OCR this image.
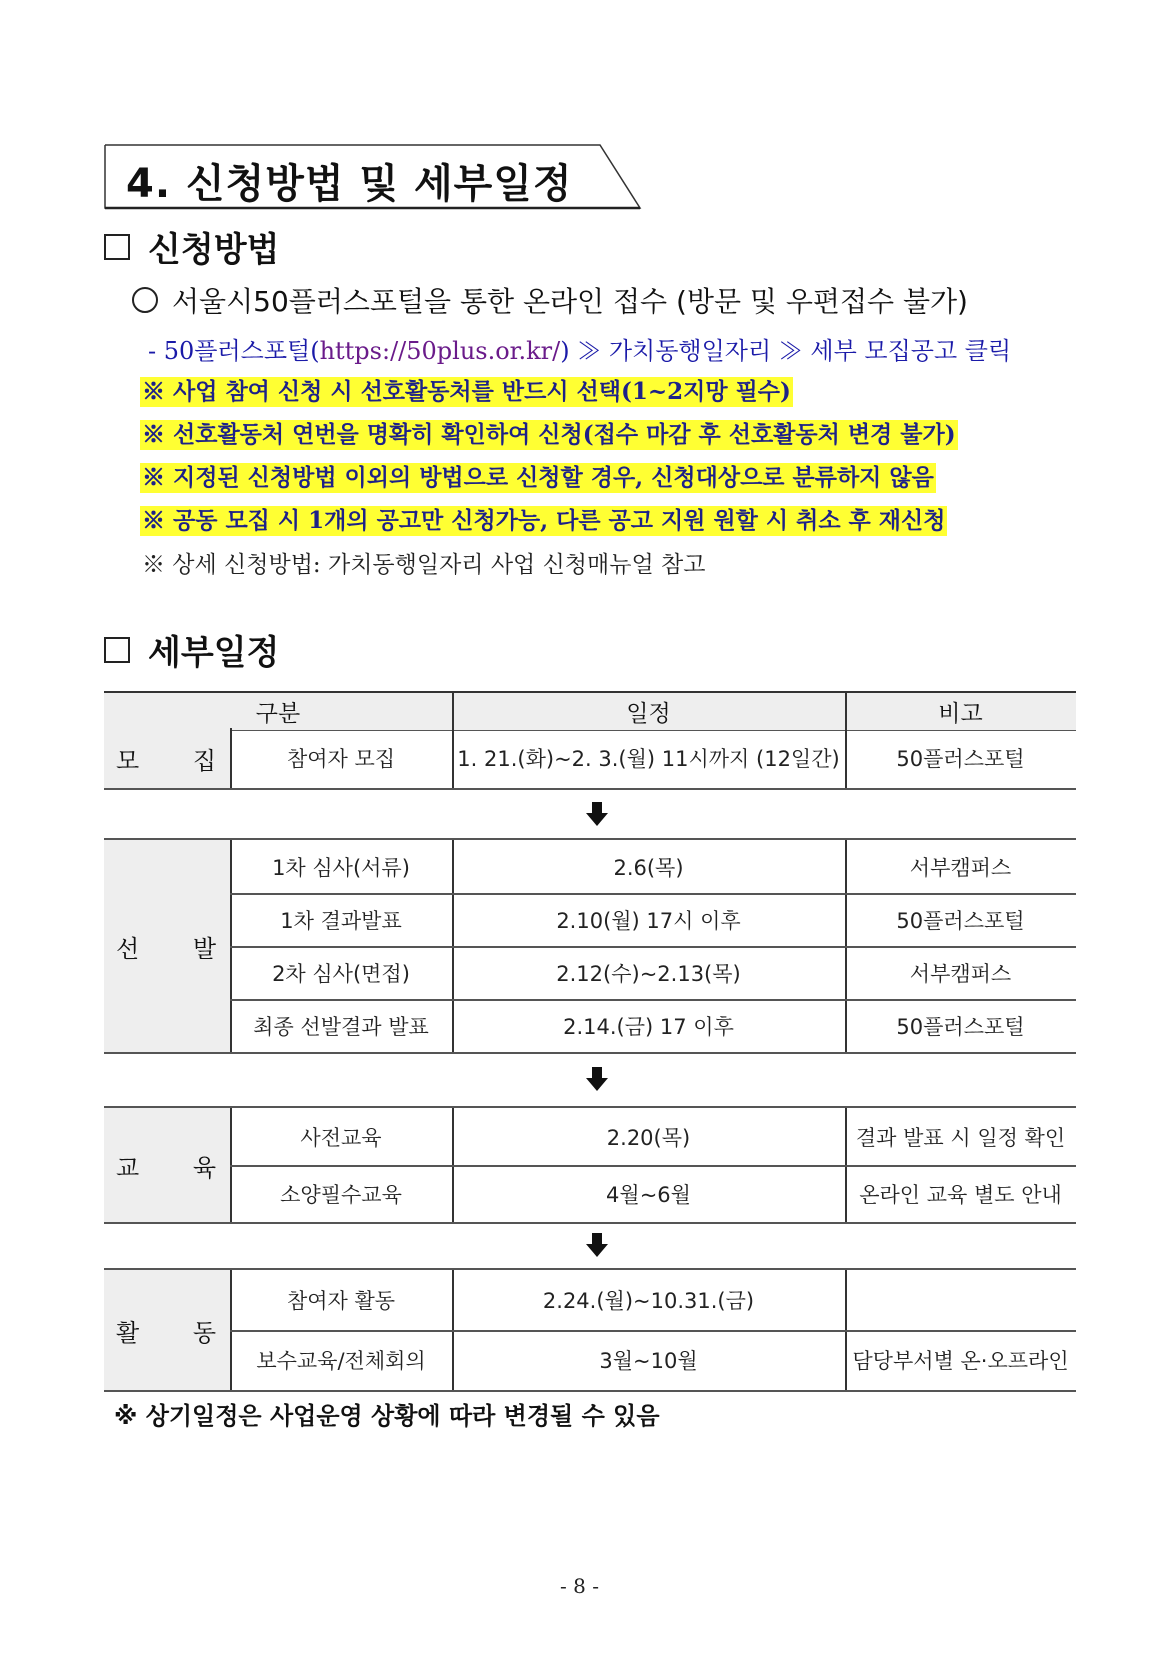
4. 신청방법 및 세부일정
신청방법
서울시50플러스포털을 통한 온라인 접수 (방문 및 우편접수 불가)
- 50플러스포털(https://50plus.or.kr/) ≫ 가치동행일자리 ≫ 세부 모집공고 클릭
※ 사업 참여 신청 시 선호활동처를 반드시 선택(1~2지망 필수)
※ 선호활동처 연번을 명확히 확인하여 신청(접수 마감 후 선호활동처 변경 불가)
※ 지정된 신청방법 이외의 방법으로 신청할 경우, 신청대상으로 분류하지 않음
※ 공동 모집 시 1개의 공고만 신청가능, 다른 공고 지원 원할 시 취소 후 재신청
※ 상세 신청방법: 가치동행일자리 사업 신청매뉴얼 참고
세부일정
구분	일정	비고
모 집	참여자 모집	1. 21.(화)~2. 3.(월) 11시까지 (12일간)	50플러스포털
선 발
1차 심사(서류)	2.6(목)	서부캠퍼스
1차 결과발표	2.10(월) 17시 이후	50플러스포털
2차 심사(면접)	2.12(수)~2.13(목)	서부캠퍼스
최종 선발결과 발표	2.14.(금) 17 이후	50플러스포털
교 육
사전교육	2.20(목)	결과 발표 시 일정 확인
소양필수교육	4월~6월	온라인 교육 별도 안내
활 동
참여자 활동	2.24.(월)~10.31.(금)
보수교육/전체회의	3월~10월	담당부서별 온·오프라인
※ 상기일정은 사업운영 상황에 따라 변경될 수 있음
- 8 -
